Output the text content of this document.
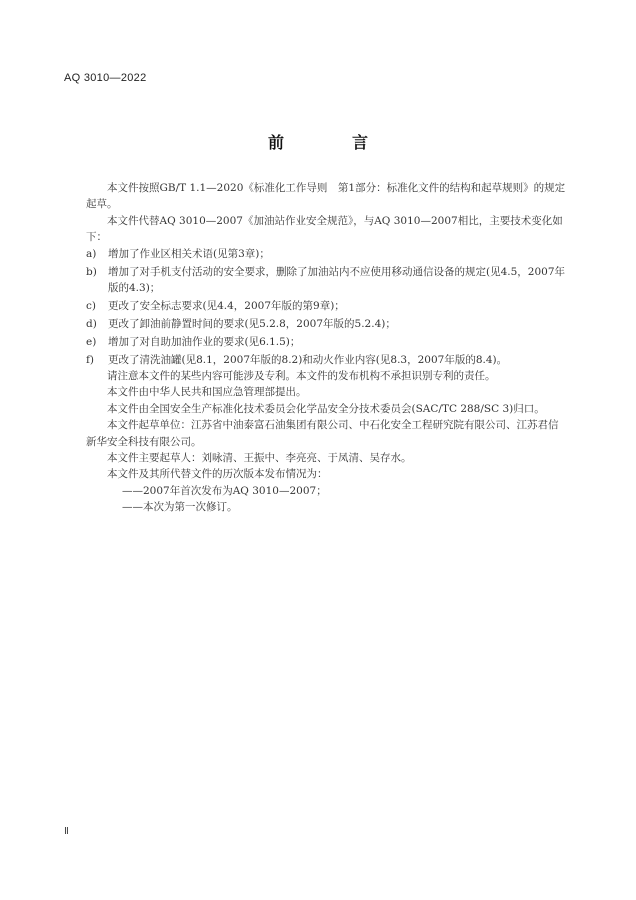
AQ 3010—2022
前　言

本文件按照GB/T 1.1—2020《标准化工作导则　第1部分：标准化文件的结构和起草规则》的规定起草。

本文件代替AQ 3010—2007《加油站作业安全规范》，与AQ 3010—2007相比，主要技术变化如下：

a)	增加了作业区相关术语(见第3章)；
b)	增加了对手机支付活动的安全要求，删除了加油站内不应使用移动通信设备的规定(见4.5，2007年版的4.3)；
c)	更改了安全标志要求(见4.4，2007年版的第9章)；
d)	更改了卸油前静置时间的要求(见5.2.8，2007年版的5.2.4)；
e)	增加了对自助加油作业的要求(见6.1.5)；
f)	更改了清洗油罐(见8.1，2007年版的8.2)和动火作业内容(见8.3，2007年版的8.4)。

请注意本文件的某些内容可能涉及专利。本文件的发布机构不承担识别专利的责任。

本文件由中华人民共和国应急管理部提出。

本文件由全国安全生产标准化技术委员会化学品安全分技术委员会(SAC/TC 288/SC 3)归口。

本文件起草单位：江苏省中油泰富石油集团有限公司、中石化安全工程研究院有限公司、江苏君信新华安全科技有限公司。

本文件主要起草人：刘咏清、王振中、李亮亮、于凤清、吴存水。

本文件及其所代替文件的历次版本发布情况为：

——2007年首次发布为AQ 3010—2007；

——本次为第一次修订。

Ⅱ
